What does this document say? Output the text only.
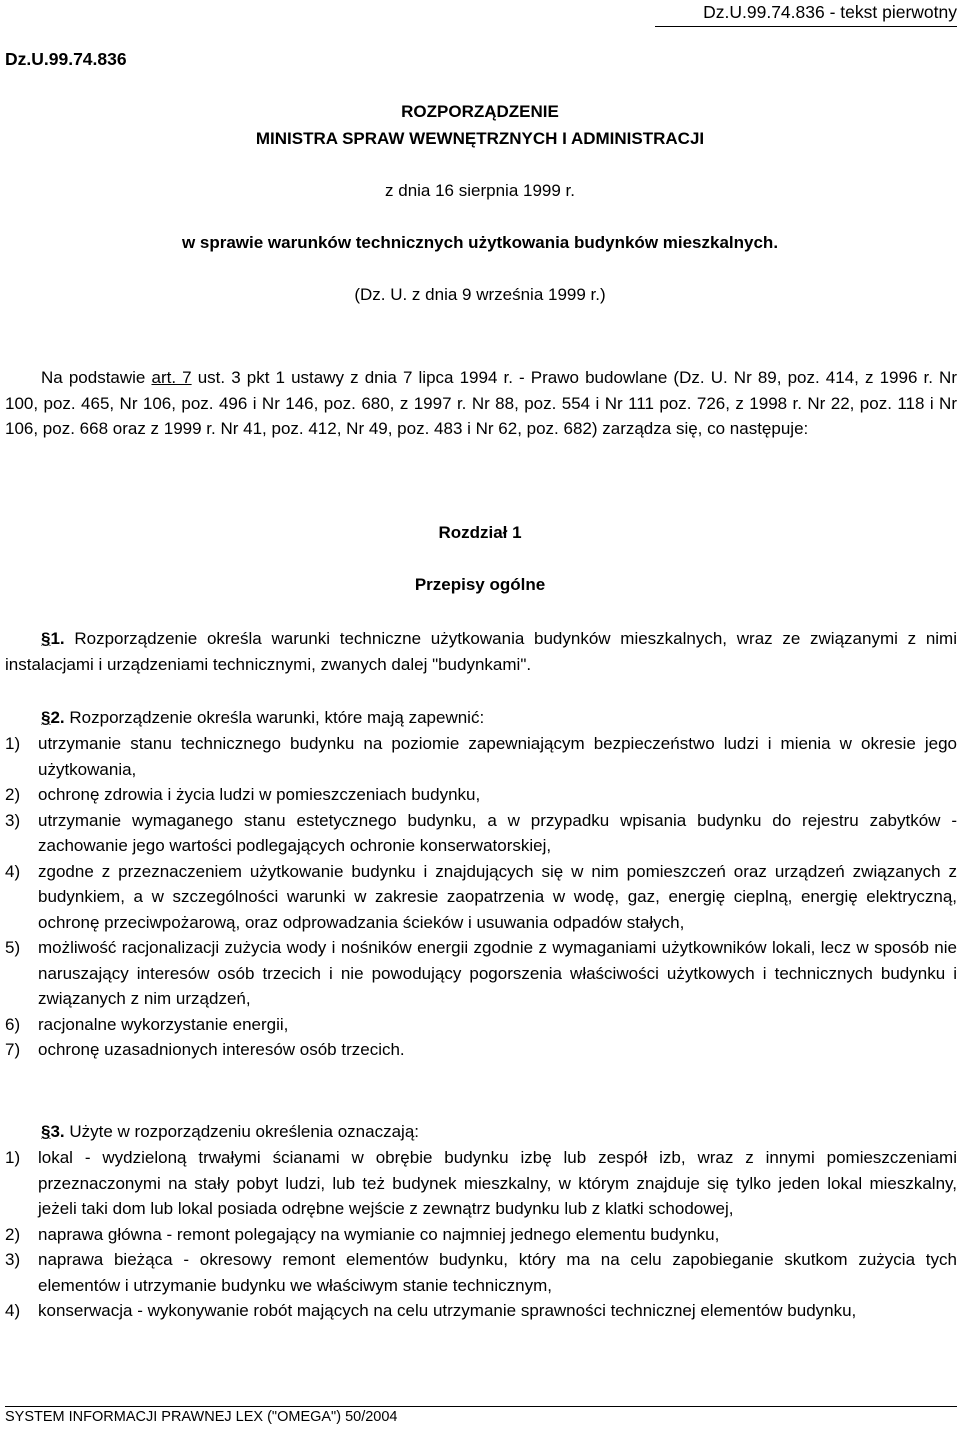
Dz.U.99.74.836 - tekst pierwotny
Dz.U.99.74.836
ROZPORZĄDZENIE
MINISTRA SPRAW WEWNĘTRZNYCH I ADMINISTRACJI
z dnia 16 sierpnia 1999 r.
w sprawie warunków technicznych użytkowania budynków mieszkalnych.
(Dz. U. z dnia 9 września 1999 r.)
Na podstawie art. 7 ust. 3 pkt 1 ustawy z dnia 7 lipca 1994 r. - Prawo budowlane (Dz. U. Nr 89, poz. 414, z 1996 r. Nr 100, poz. 465, Nr 106, poz. 496 i Nr 146, poz. 680, z 1997 r. Nr 88, poz. 554 i Nr 111 poz. 726, z 1998 r. Nr 22, poz. 118 i Nr 106, poz. 668 oraz z 1999 r. Nr 41, poz. 412, Nr 49, poz. 483 i Nr 62, poz. 682) zarządza się, co następuje:
Rozdział 1
Przepisy ogólne
§1. Rozporządzenie określa warunki techniczne użytkowania budynków mieszkalnych, wraz ze związanymi z nimi instalacjami i urządzeniami technicznymi, zwanych dalej "budynkami".
§2. Rozporządzenie określa warunki, które mają zapewnić:
1) utrzymanie stanu technicznego budynku na poziomie zapewniającym bezpieczeństwo ludzi i mienia w okresie jego użytkowania,
2) ochronę zdrowia i życia ludzi w pomieszczeniach budynku,
3) utrzymanie wymaganego stanu estetycznego budynku, a w przypadku wpisania budynku do rejestru zabytków - zachowanie jego wartości podlegających ochronie konserwatorskiej,
4) zgodne z przeznaczeniem użytkowanie budynku i znajdujących się w nim pomieszczeń oraz urządzeń związanych z budynkiem, a w szczególności warunki w zakresie zaopatrzenia w wodę, gaz, energię cieplną, energię elektryczną, ochronę przeciwpożarową, oraz odprowadzania ścieków i usuwania odpadów stałych,
5) możliwość racjonalizacji zużycia wody i nośników energii zgodnie z wymaganiami użytkowników lokali, lecz w sposób nie naruszający interesów osób trzecich i nie powodujący pogorszenia właściwości użytkowych i technicznych budynku i związanych z nim urządzeń,
6) racjonalne wykorzystanie energii,
7) ochronę uzasadnionych interesów osób trzecich.
§3. Użyte w rozporządzeniu określenia oznaczają:
1) lokal - wydzieloną trwałymi ścianami w obrębie budynku izbę lub zespół izb, wraz z innymi pomieszczeniami przeznaczonymi na stały pobyt ludzi, lub też budynek mieszkalny, w którym znajduje się tylko jeden lokal mieszkalny, jeżeli taki dom lub lokal posiada odrębne wejście z zewnątrz budynku lub z klatki schodowej,
2) naprawa główna - remont polegający na wymianie co najmniej jednego elementu budynku,
3) naprawa bieżąca - okresowy remont elementów budynku, który ma na celu zapobieganie skutkom zużycia tych elementów i utrzymanie budynku we właściwym stanie technicznym,
4) konserwacja - wykonywanie robót mających na celu utrzymanie sprawności technicznej elementów budynku,
SYSTEM INFORMACJI PRAWNEJ LEX ("OMEGA") 50/2004
